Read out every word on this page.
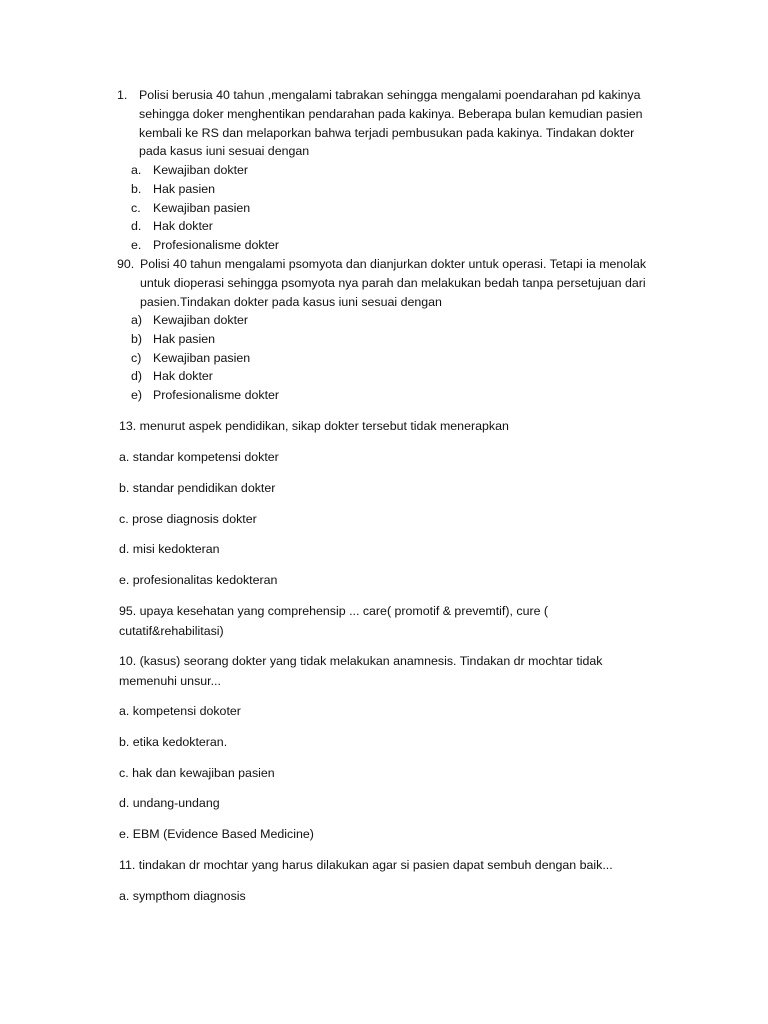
1. Polisi berusia 40 tahun ,mengalami tabrakan sehingga mengalami poendarahan pd kakinya
sehingga doker menghentikan pendarahan pada kakinya. Beberapa bulan kemudian pasien
kembali ke RS dan melaporkan bahwa terjadi pembusukan pada kakinya. Tindakan dokter
pada kasus iuni sesuai dengan
a. Kewajiban dokter
b. Hak pasien
c. Kewajiban pasien
d. Hak dokter
e. Profesionalisme dokter
90. Polisi 40 tahun mengalami psomyota dan dianjurkan dokter untuk operasi. Tetapi ia menolak
untuk dioperasi sehingga psomyota nya parah dan melakukan bedah tanpa persetujuan dari
pasien.Tindakan dokter pada kasus iuni sesuai dengan
a) Kewajiban dokter
b) Hak pasien
c) Kewajiban pasien
d) Hak dokter
e) Profesionalisme dokter
13. menurut aspek pendidikan, sikap dokter tersebut tidak menerapkan
a. standar kompetensi dokter
b. standar pendidikan dokter
c. prose diagnosis dokter
d. misi kedokteran
e. profesionalitas kedokteran
95. upaya kesehatan yang comprehensip ... care( promotif & prevemtif), cure (
cutatif&rehabilitasi)
10. (kasus) seorang dokter yang tidak melakukan anamnesis. Tindakan dr mochtar tidak
memenuhi unsur...
a. kompetensi dokoter
b. etika kedokteran.
c. hak dan kewajiban pasien
d. undang-undang
e. EBM (Evidence Based Medicine)
11. tindakan dr mochtar yang harus dilakukan agar si pasien dapat sembuh dengan baik...
a. sympthom diagnosis
